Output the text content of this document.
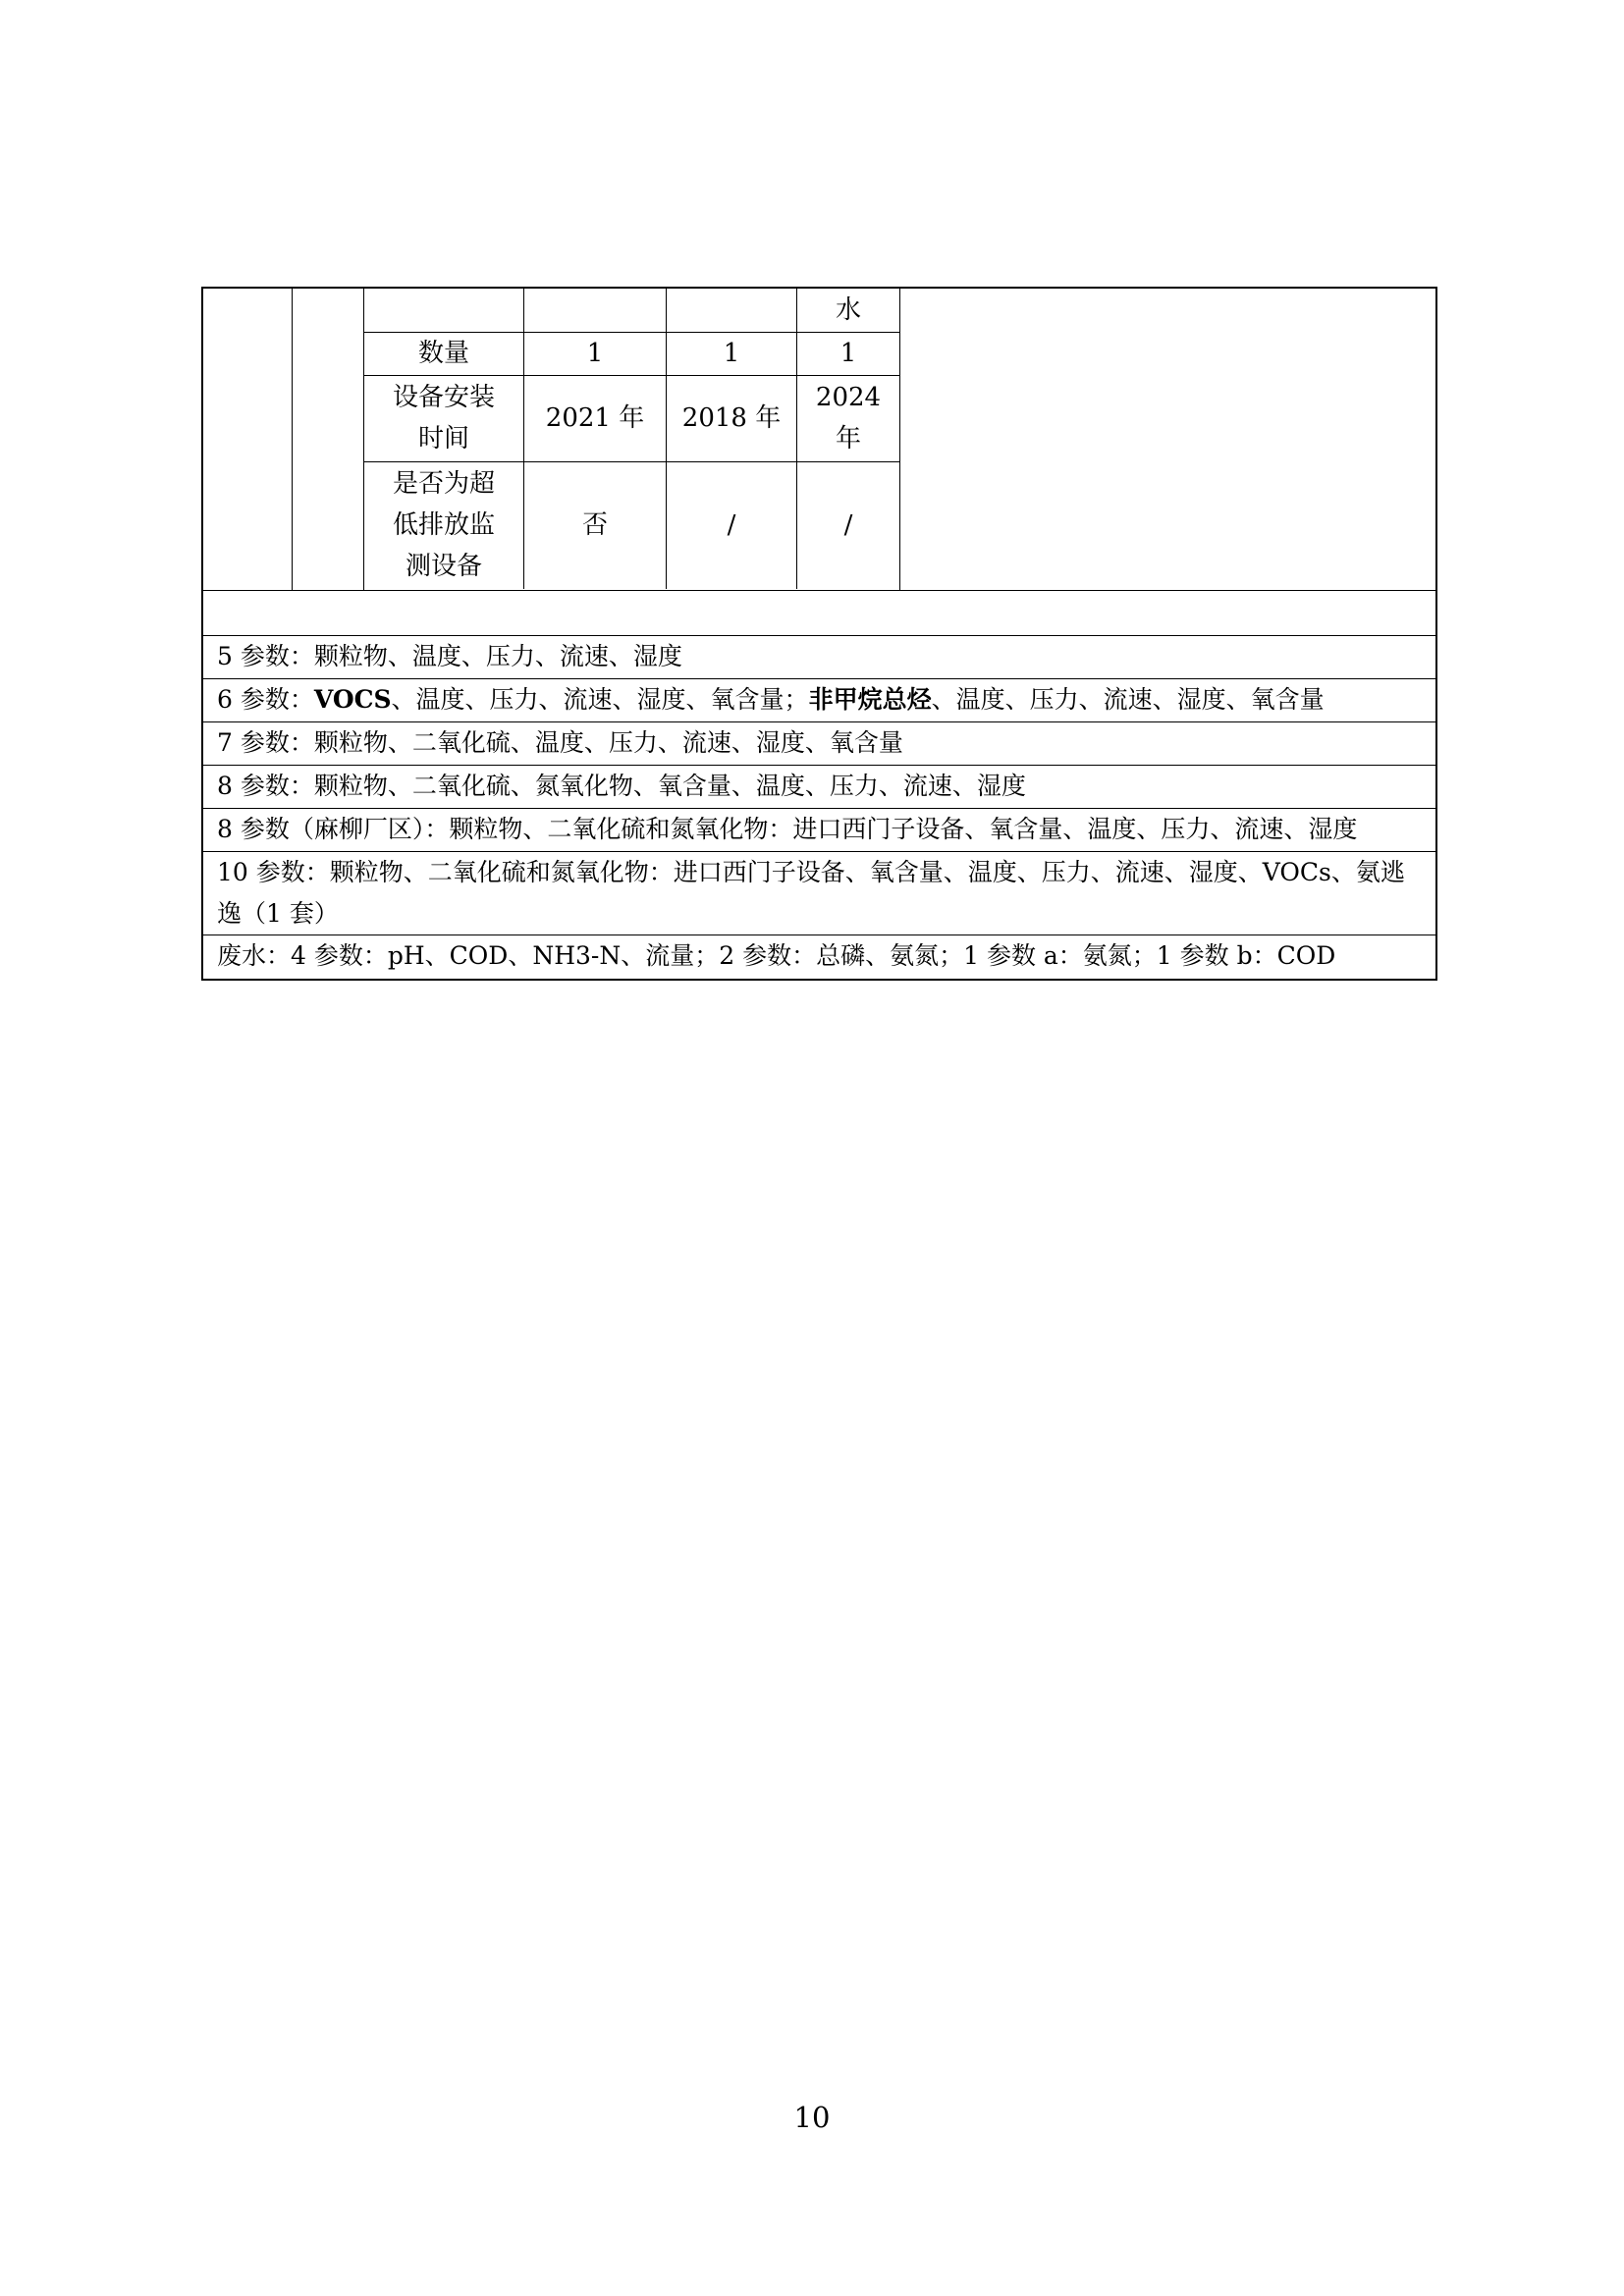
			水
数量	1	1	1
设备安装
时间	2021 年	2018 年	2024
年
是否为超
低排放监
测设备	否	/	/
5 参数：颗粒物、温度、压力、流速、湿度
6 参数：VOCS、温度、压力、流速、湿度、氧含量；非甲烷总烃、温度、压力、流速、湿度、氧含量
7 参数：颗粒物、二氧化硫、温度、压力、流速、湿度、氧含量
8 参数：颗粒物、二氧化硫、氮氧化物、氧含量、温度、压力、流速、湿度
8 参数（麻柳厂区）：颗粒物、二氧化硫和氮氧化物：进口西门子设备、氧含量、温度、压力、流速、湿度
10 参数：颗粒物、二氧化硫和氮氧化物：进口西门子设备、氧含量、温度、压力、流速、湿度、VOCs、氨逃逸（1 套）
废水：4 参数：pH、COD、NH3-N、流量；2 参数：总磷、氨氮；1 参数 a：氨氮；1 参数 b：COD
10
